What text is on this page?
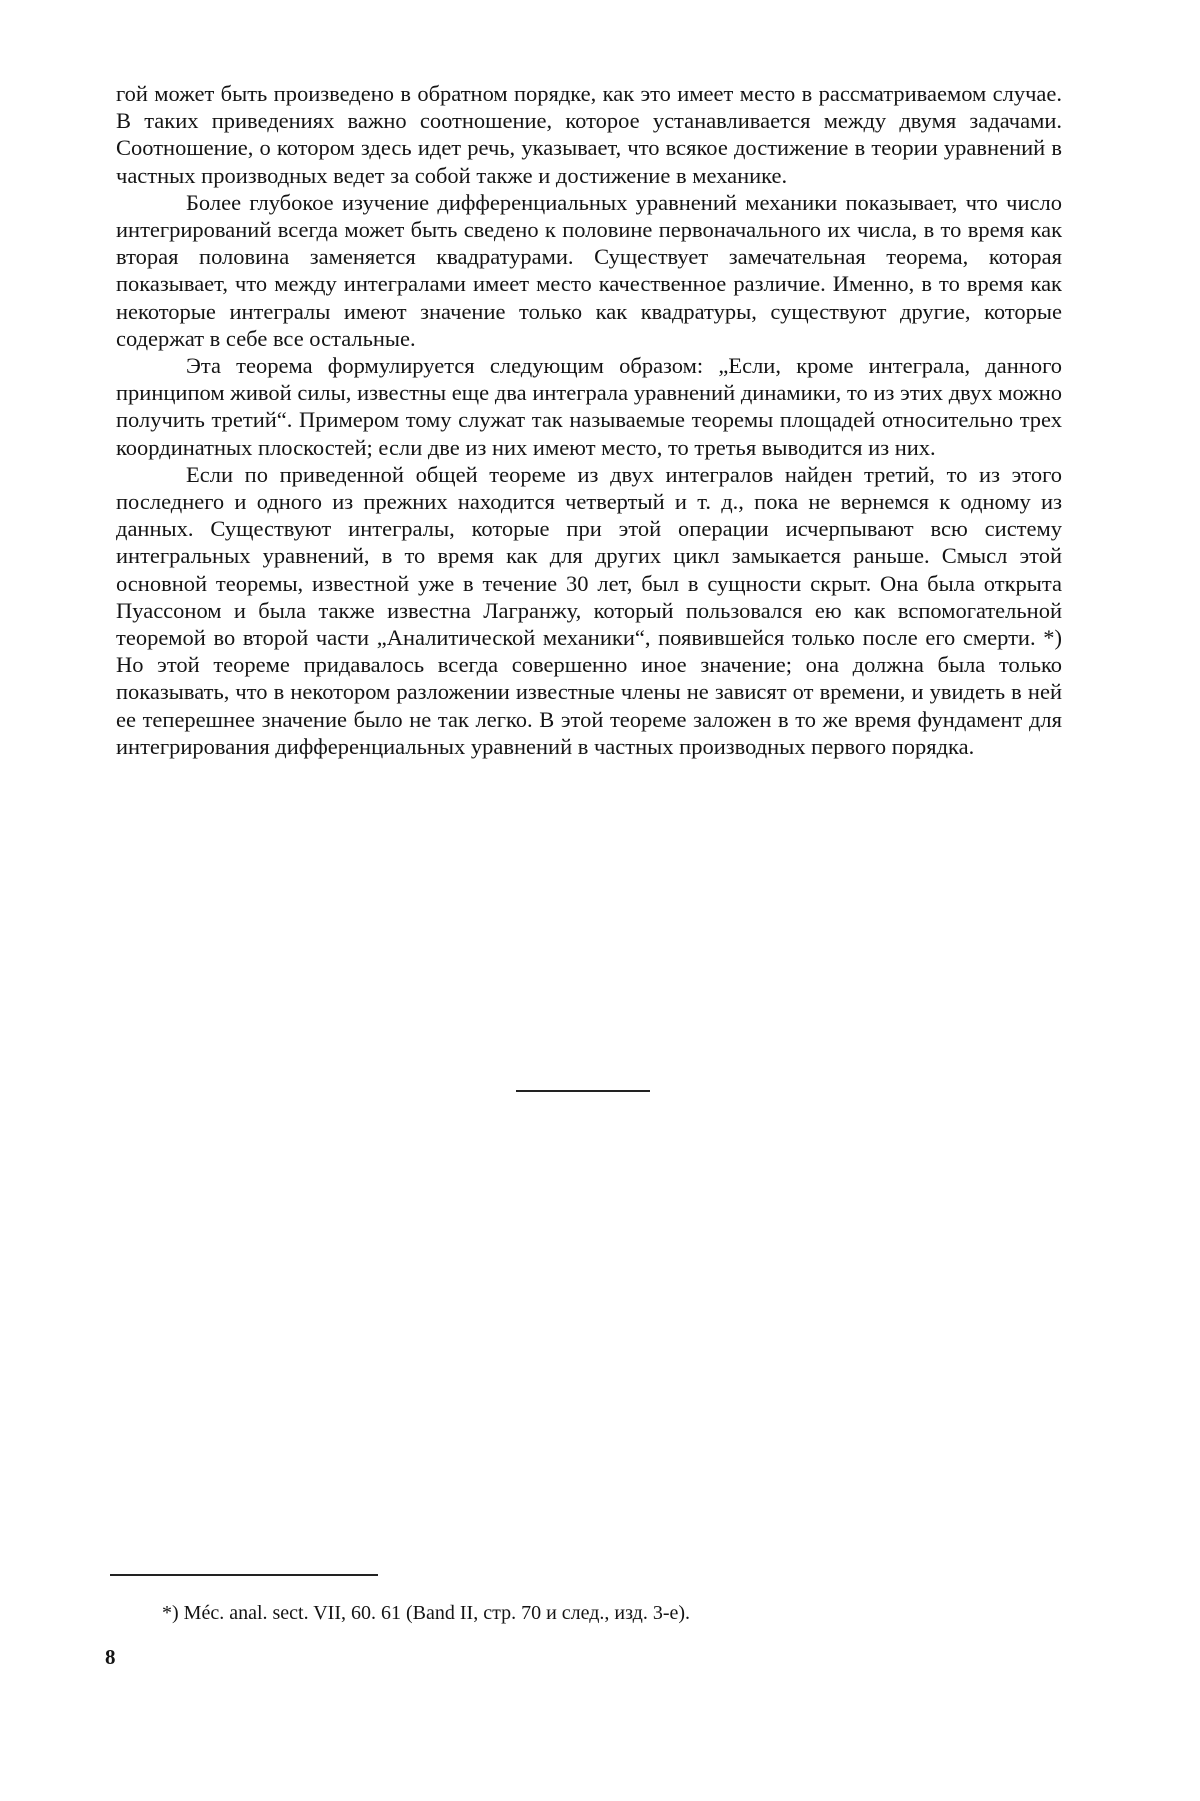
гой может быть произведено в обратном порядке, как это имеет место в рассматриваемом случае. В таких приведениях важно соотношение, которое устанавливается между двумя задачами. Соотношение, о котором здесь идет речь, указывает, что всякое достижение в теории уравнений в частных производных ведет за собой также и достижение в механике.

Более глубокое изучение дифференциальных уравнений механики показывает, что число интегрирований всегда может быть сведено к половине первоначального их числа, в то время как вторая половина заменяется квадратурами. Существует замечательная теорема, которая показывает, что между интегралами имеет место качественное различие. Именно, в то время как некоторые интегралы имеют значение только как квадратуры, существуют другие, которые содержат в себе все остальные.

Эта теорема формулируется следующим образом: „Если, кроме интеграла, данного принципом живой силы, известны еще два интеграла уравнений динамики, то из этих двух можно получить третий“. Примером тому служат так называемые теоремы площадей относительно трех координатных плоскостей; если две из них имеют место, то третья выводится из них.

Если по приведенной общей теореме из двух интегралов найден третий, то из этого последнего и одного из прежних находится четвертый и т. д., пока не вернемся к одному из данных. Существуют интегралы, которые при этой операции исчерпывают всю систему интегральных уравнений, в то время как для других цикл замыкается раньше. Смысл этой основной теоремы, известной уже в течение 30 лет, был в сущности скрыт. Она была открыта Пуассоном и была также известна Лагранжу, который пользовался ею как вспомогательной теоремой во второй части „Аналитической механики“, появившейся только после его смерти. *) Но этой теореме придавалось всегда совершенно иное значение; она должна была только показывать, что в некотором разложении известные члены не зависят от времени, и увидеть в ней ее теперешнее значение было не так легко. В этой теореме заложен в то же время фундамент для интегрирования дифференциальных уравнений в частных производных первого порядка.

*) Méc. anal. sect. VII, 60. 61 (Band II, стр. 70 и след., изд. 3-е).
8
